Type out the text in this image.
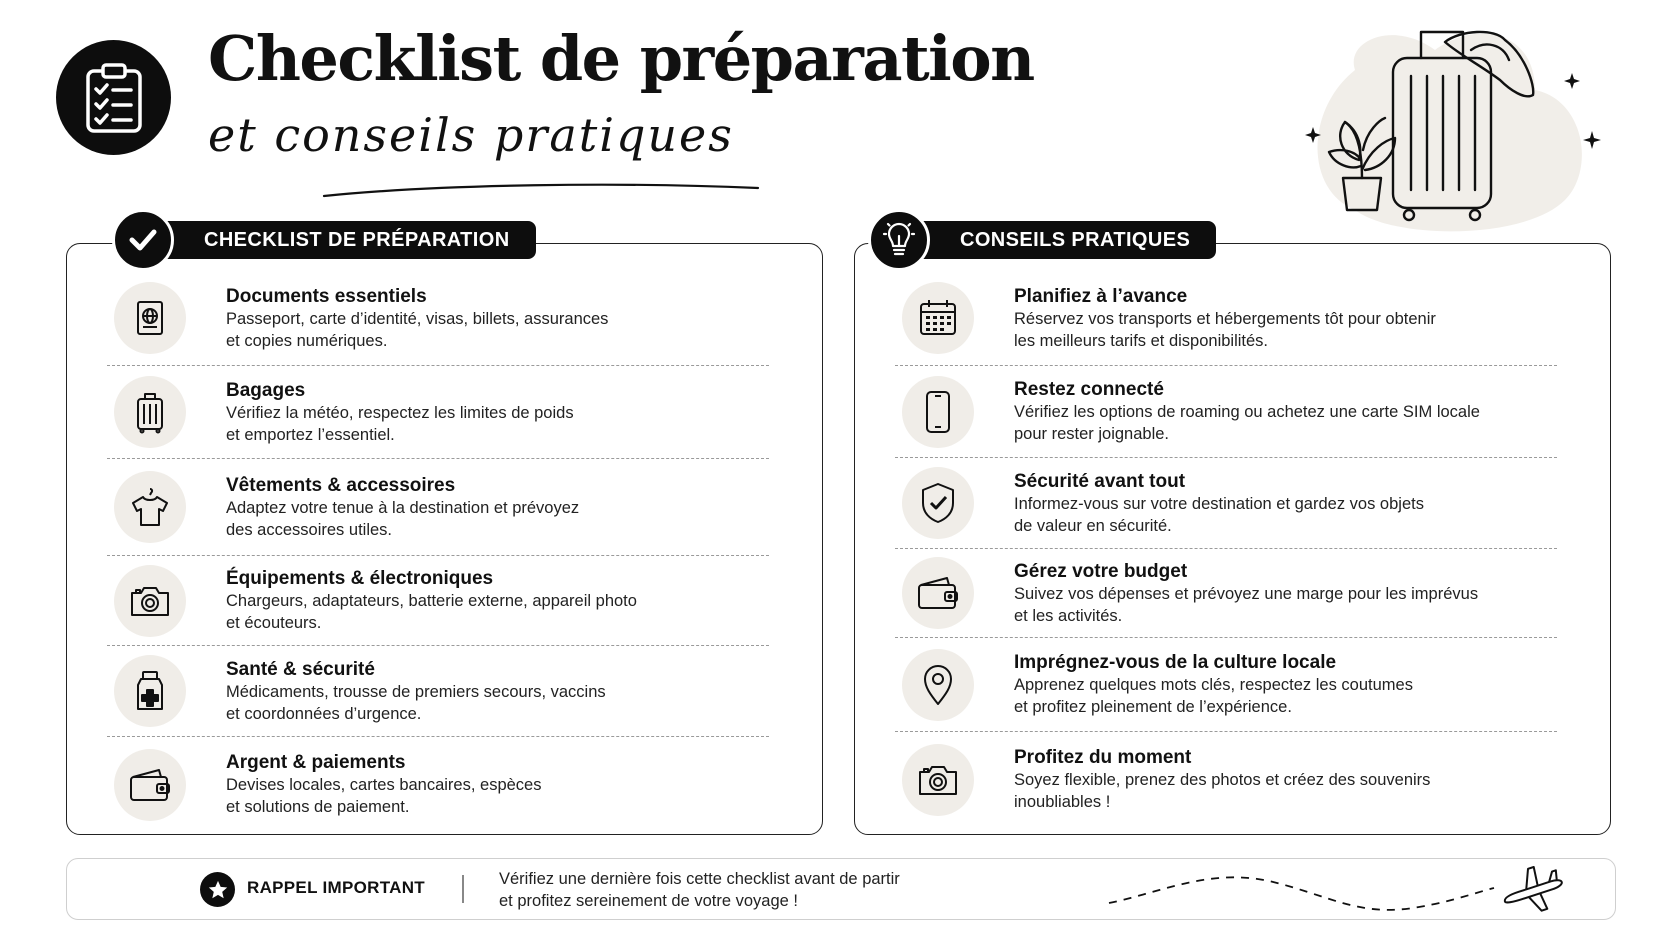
Checklist de préparation
et conseils pratiques
Documents essentiels
Passeport, carte d’identité, visas, billets, assurances
et copies numériques.
Bagages
Vérifiez la météo, respectez les limites de poids
et emportez l’essentiel.
Vêtements & accessoires
Adaptez votre tenue à la destination et prévoyez
des accessoires utiles.
Équipements & électroniques
Chargeurs, adaptateurs, batterie externe, appareil photo
et écouteurs.
Santé & sécurité
Médicaments, trousse de premiers secours, vaccins
et coordonnées d’urgence.
Argent & paiements
Devises locales, cartes bancaires, espèces
et solutions de paiement.
CHECKLIST DE PRÉPARATION
Planifiez à l’avance
Réservez vos transports et hébergements tôt pour obtenir
les meilleurs tarifs et disponibilités.
Restez connecté
Vérifiez les options de roaming ou achetez une carte SIM locale
pour rester joignable.
Sécurité avant tout
Informez-vous sur votre destination et gardez vos objets
de valeur en sécurité.
Gérez votre budget
Suivez vos dépenses et prévoyez une marge pour les imprévus
et les activités.
Imprégnez-vous de la culture locale
Apprenez quelques mots clés, respectez les coutumes
et profitez pleinement de l’expérience.
Profitez du moment
Soyez flexible, prenez des photos et créez des souvenirs
inoubliables !
CONSEILS PRATIQUES
RAPPEL IMPORTANT	Vérifiez une dernière fois cette checklist avant de partir
et profitez sereinement de votre voyage !
